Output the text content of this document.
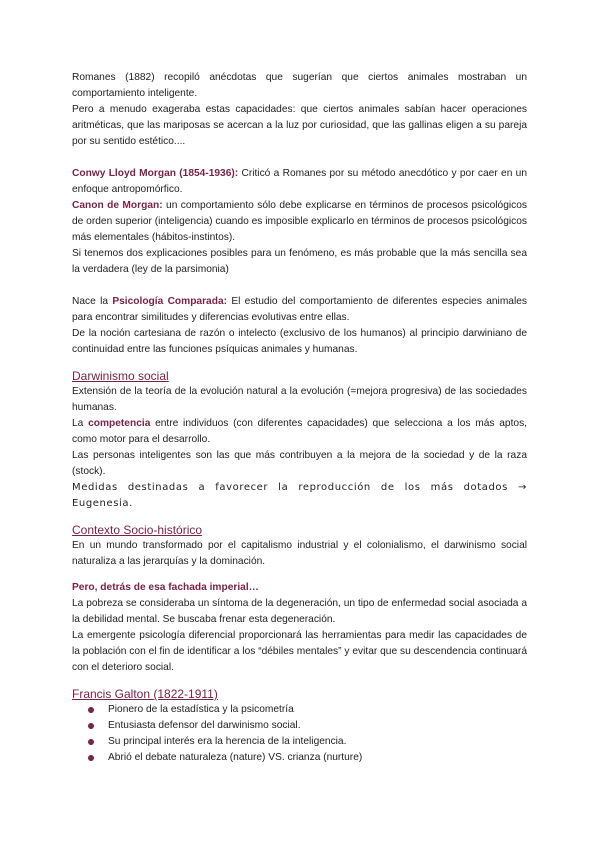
Romanes (1882) recopiló anécdotas que sugerían que ciertos animales mostraban un comportamiento inteligente.

Pero a menudo exageraba estas capacidades: que ciertos animales sabían hacer operaciones aritméticas, que las mariposas se acercan a la luz por curiosidad, que las gallinas eligen a su pareja por su sentido estético....

Conwy Lloyd Morgan (1854-1936): Criticó a Romanes por su método anecdótico y por caer en un enfoque antropomórfico.

Canon de Morgan: un comportamiento sólo debe explicarse en términos de procesos psicológicos de orden superior (inteligencia) cuando es imposible explicarlo en términos de procesos psicológicos más elementales (hábitos-instintos).

Si tenemos dos explicaciones posibles para un fenómeno, es más probable que la más sencilla sea la verdadera (ley de la parsimonia)

Nace la Psicología Comparada: El estudio del comportamiento de diferentes especies animales para encontrar similitudes y diferencias evolutivas entre ellas.

De la noción cartesiana de razón o intelecto (exclusivo de los humanos) al principio darwiniano de continuidad entre las funciones psíquicas animales y humanas.

Darwinismo social

Extensión de la teoría de la evolución natural a la evolución (=mejora progresiva) de las sociedades humanas.

La competencia entre individuos (con diferentes capacidades) que selecciona a los más aptos, como motor para el desarrollo.

Las personas inteligentes son las que más contribuyen a la mejora de la sociedad y de la raza (stock).

Medidas destinadas a favorecer la reproducción de los más dotados → Eugenesia.

Contexto Socio-histórico

En un mundo transformado por el capitalismo industrial y el colonialismo, el darwinismo social naturaliza a las jerarquías y la dominación.

Pero, detrás de esa fachada imperial…

La pobreza se consideraba un síntoma de la degeneración, un tipo de enfermedad social asociada a la debilidad mental. Se buscaba frenar esta degeneración.

La emergente psicología diferencial proporcionará las herramientas para medir las capacidades de la población con el fin de identificar a los “débiles mentales” y evitar que su descendencia continuará con el deterioro social.

Francis Galton (1822-1911)

Pionero de la estadística y la psicometría
Entusiasta defensor del darwinismo social.
Su principal interés era la herencia de la inteligencia.
Abrió el debate naturaleza (nature) VS. crianza (nurture)
